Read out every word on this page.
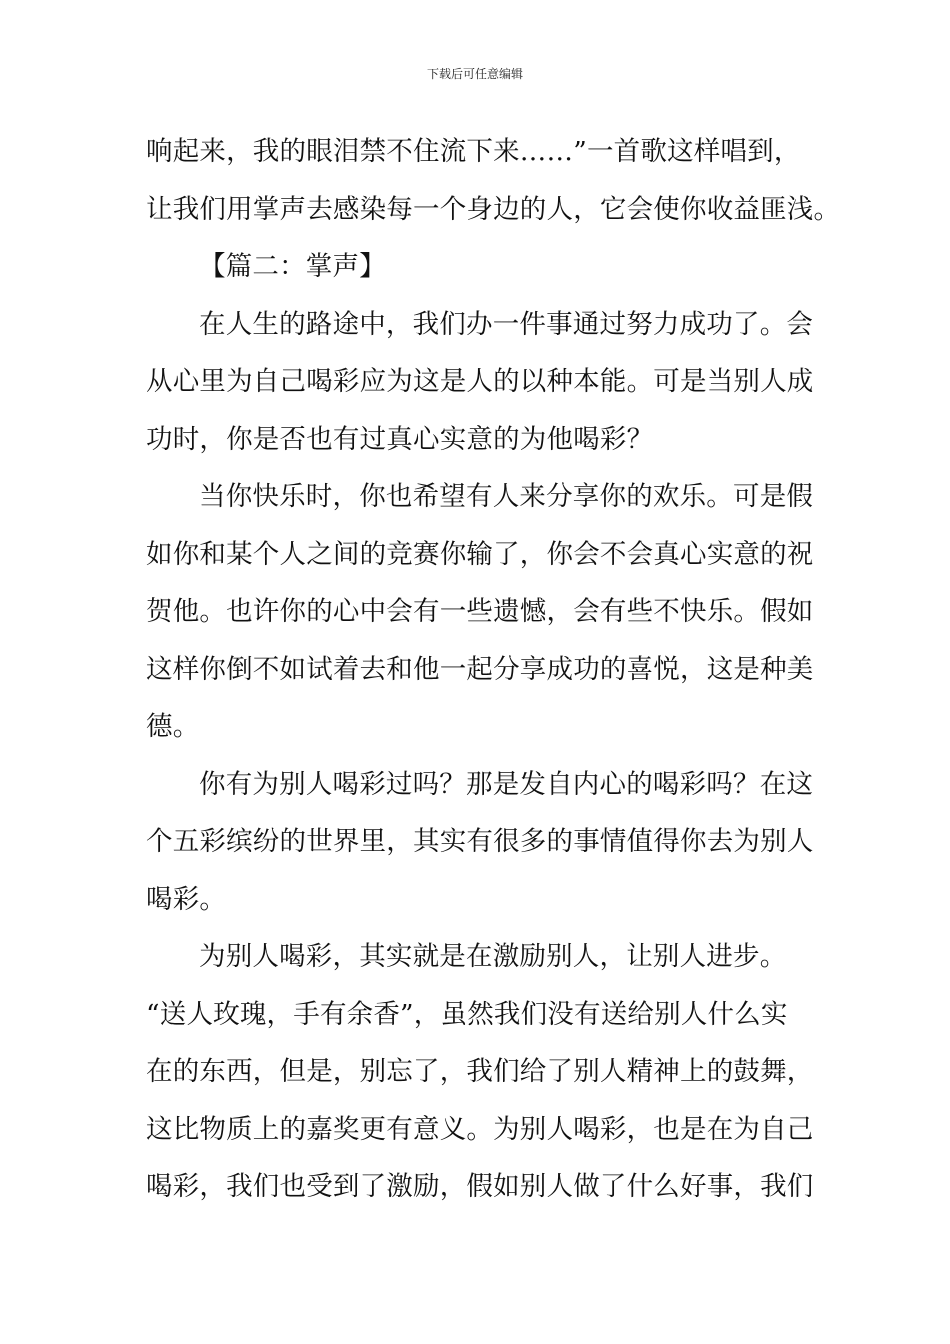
下载后可任意编辑
响起来，我的眼泪禁不住流下来……”一首歌这样唱到，
让我们用掌声去感染每一个身边的人，它会使你收益匪浅。
【篇二：掌声】
在人生的路途中，我们办一件事通过努力成功了。会
从心里为自己喝彩应为这是人的以种本能。可是当别人成
功时，你是否也有过真心实意的为他喝彩？
当你快乐时，你也希望有人来分享你的欢乐。可是假
如你和某个人之间的竞赛你输了，你会不会真心实意的祝
贺他。也许你的心中会有一些遗憾，会有些不快乐。假如
这样你倒不如试着去和他一起分享成功的喜悦，这是种美
德。
你有为别人喝彩过吗？那是发自内心的喝彩吗？在这
个五彩缤纷的世界里，其实有很多的事情值得你去为别人
喝彩。
为别人喝彩，其实就是在激励别人，让别人进步。
“送人玫瑰，手有余香”，虽然我们没有送给别人什么实
在的东西，但是，别忘了，我们给了别人精神上的鼓舞，
这比物质上的嘉奖更有意义。为别人喝彩，也是在为自己
喝彩，我们也受到了激励，假如别人做了什么好事，我们
